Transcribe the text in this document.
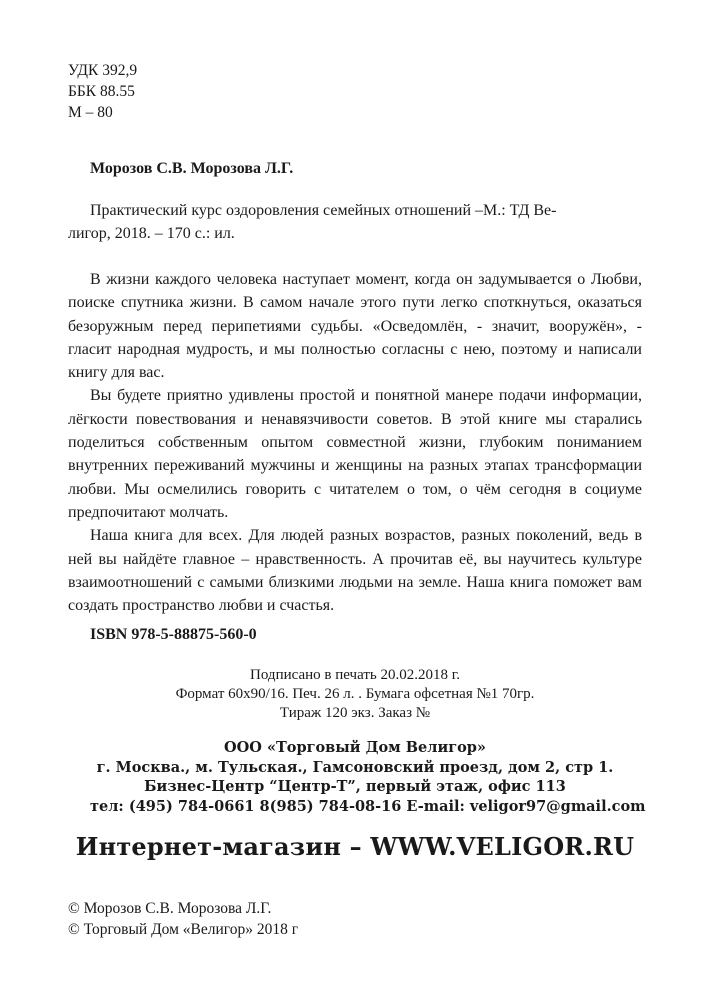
УДК 392,9
ББК 88.55
М – 80
Морозов С.В. Морозова Л.Г.
Практический курс оздоровления семейных отношений –М.: ТД Ве-
лигор, 2018. – 170 с.: ил.

В жизни каждого человека наступает момент, когда он задумывается о Любви, поиске спутника жизни. В самом начале этого пути легко споткнуться, оказаться безоружным перед перипетиями судьбы. «Осведомлён, - значит, вооружён», - гласит народная мудрость, и мы полностью согласны с нею, поэтому и написали книгу для вас.

Вы будете приятно удивлены простой и понятной манере подачи информации, лёгкости повествования и ненавязчивости советов. В этой книге мы старались поделиться собственным опытом совместной жизни, глубоким пониманием внутренних переживаний мужчины и женщины на разных этапах трансформации любви. Мы осмелились говорить с читателем о том, о чём сегодня в социуме предпочитают молчать.

Наша книга для всех. Для людей разных возрастов, разных поколений, ведь в ней вы найдёте главное – нравственность. А прочитав её, вы научитесь культуре взаимоотношений с самыми близкими людьми на земле. Наша книга поможет вам создать пространство любви и счастья.

ISBN 978-5-88875-560-0
Подписано в печать 20.02.2018 г.
Формат 60х90/16. Печ. 26 л. . Бумага офсетная №1 70гр.
Тираж 120 экз. Заказ №
ООО «Торговый Дом Велигор»
г. Москва., м. Тульская., Гамсоновский проезд, дом 2, стр 1.
Бизнес-Центр “Центр-Т”, первый этаж, офис 113
тел: (495) 784-0661 8(985) 784-08-16 E-mail: veligor97@gmail.com
Интернет-магазин – WWW.VELIGOR.RU
© Морозов С.В. Морозова Л.Г.
© Торговый Дом «Велигор» 2018 г
